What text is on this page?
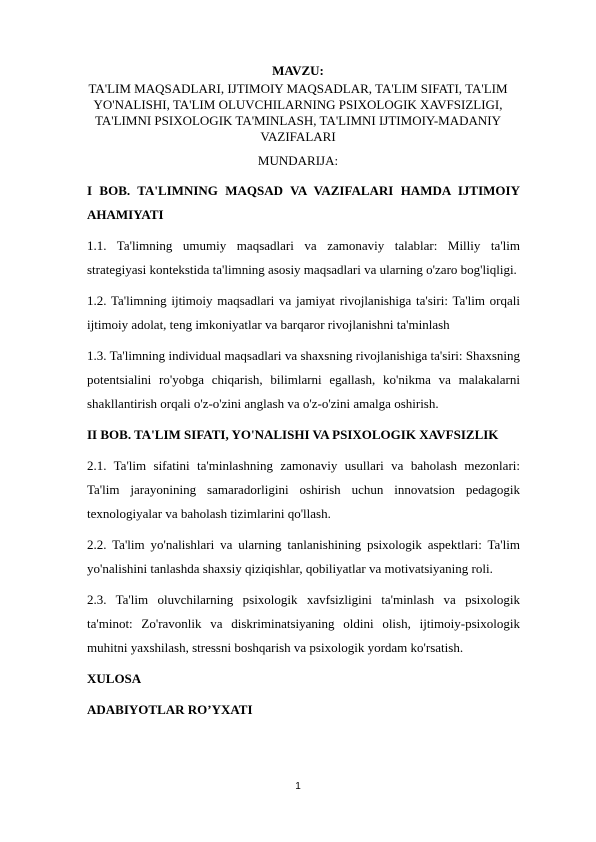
MAVZU:
TA'LIM MAQSADLARI, IJTIMOIY MAQSADLAR, TA'LIM SIFATI, TA'LIM YO'NALISHI, TA'LIM OLUVCHILARNING PSIXOLOGIK XAVFSIZLIGI, TA'LIMNI PSIXOLOGIK TA'MINLASH, TA'LIMNI IJTIMOIY-MADANIY VAZIFALARI
MUNDARIJA:

I BOB. TA'LIMNING MAQSAD VA VAZIFALARI HAMDA IJTIMOIY AHAMIYATI

1.1. Ta'limning umumiy maqsadlari va zamonaviy talablar: Milliy ta'lim strategiyasi kontekstida ta'limning asosiy maqsadlari va ularning o'zaro bog'liqligi.

1.2. Ta'limning ijtimoiy maqsadlari va jamiyat rivojlanishiga ta'siri: Ta'lim orqali ijtimoiy adolat, teng imkoniyatlar va barqaror rivojlanishni ta'minlash

1.3. Ta'limning individual maqsadlari va shaxsning rivojlanishiga ta'siri: Shaxsning potentsialini ro'yobga chiqarish, bilimlarni egallash, ko'nikma va malakalarni shakllantirish orqali o'z-o'zini anglash va o'z-o'zini amalga oshirish.

II BOB. TA'LIM SIFATI, YO'NALISHI VA PSIXOLOGIK XAVFSIZLIK

2.1. Ta'lim sifatini ta'minlashning zamonaviy usullari va baholash mezonlari: Ta'lim jarayonining samaradorligini oshirish uchun innovatsion pedagogik texnologiyalar va baholash tizimlarini qo'llash.

2.2. Ta'lim yo'nalishlari va ularning tanlanishining psixologik aspektlari: Ta'lim yo'nalishini tanlashda shaxsiy qiziqishlar, qobiliyatlar va motivatsiyaning roli.

2.3. Ta'lim oluvchilarning psixologik xavfsizligini ta'minlash va psixologik ta'minot: Zo'ravonlik va diskriminatsiyaning oldini olish, ijtimoiy-psixologik muhitni yaxshilash, stressni boshqarish va psixologik yordam ko'rsatish.

XULOSA

ADABIYOTLAR RO’YXATI

1
